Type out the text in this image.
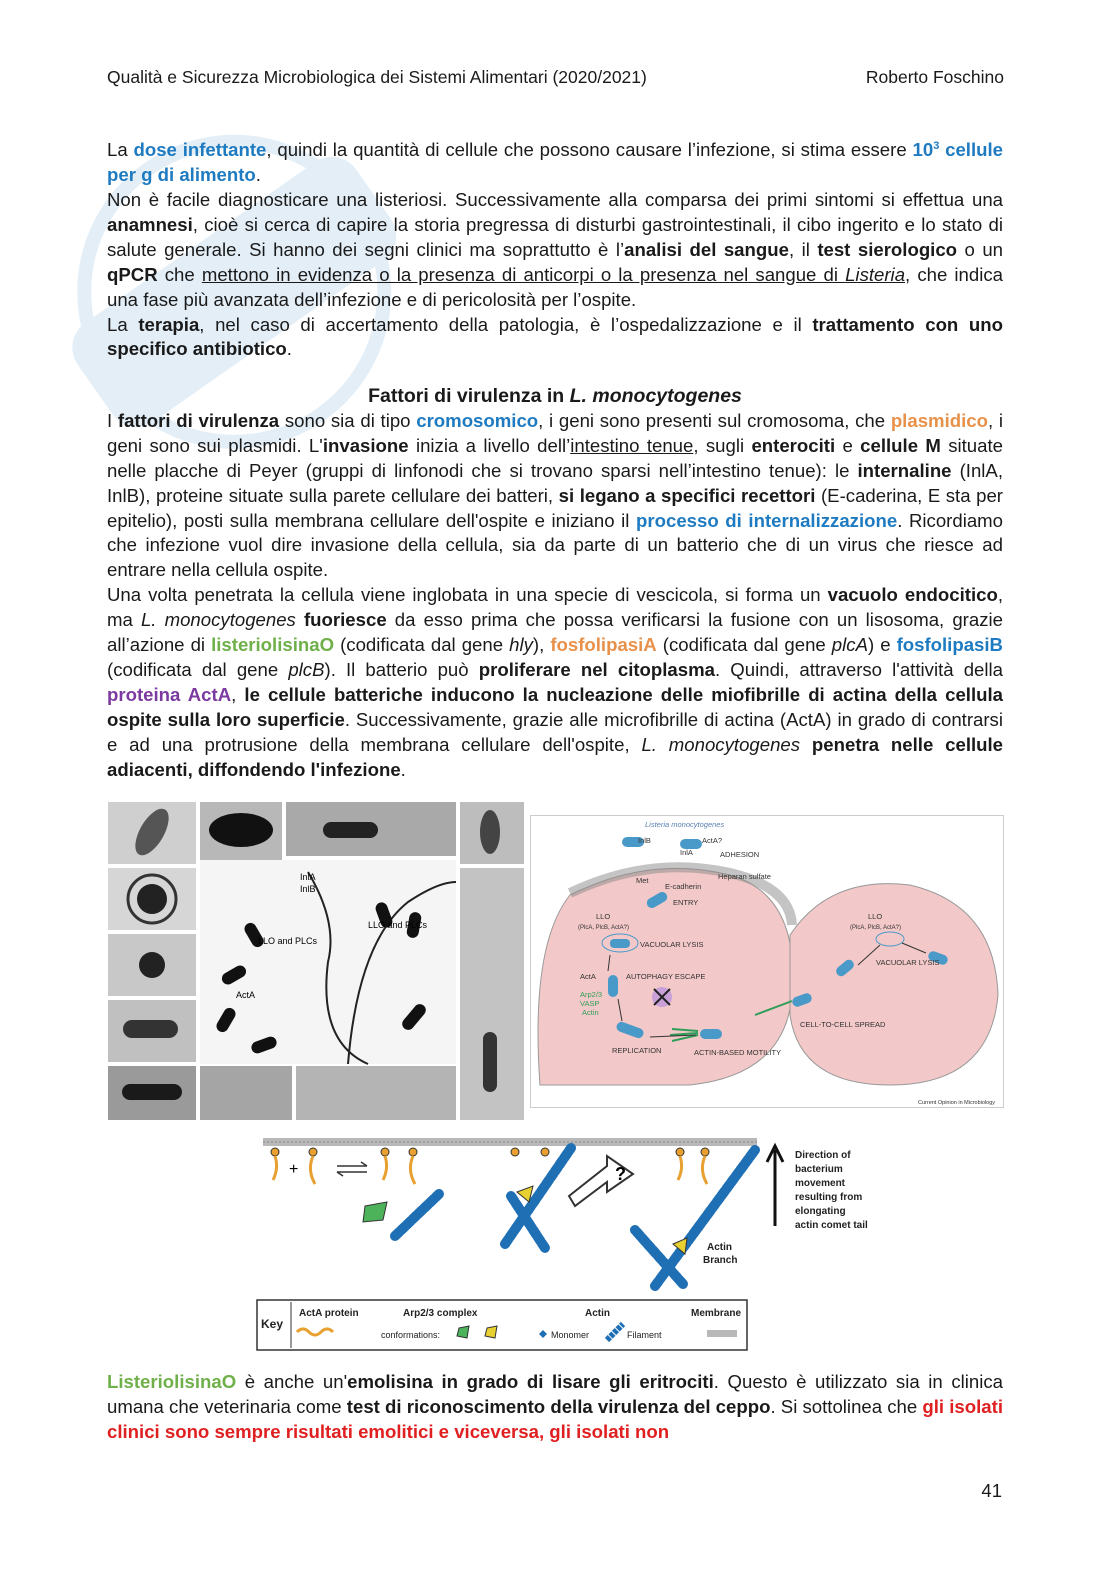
Qualità e Sicurezza Microbiologica dei Sistemi Alimentari (2020/2021)	Roberto Foschino

La dose infettante, quindi la quantità di cellule che possono causare l’infezione, si stima essere $10^3$ cellule per g di alimento.

Non è facile diagnosticare una listeriosi. Successivamente alla comparsa dei primi sintomi si effettua una anamnesi, cioè si cerca di capire la storia pregressa di disturbi gastrointestinali, il cibo ingerito e lo stato di salute generale. Si hanno dei segni clinici ma soprattutto è l’analisi del sangue, il test sierologico o un qPCR che mettono in evidenza o la presenza di anticorpi o la presenza nel sangue di Listeria, che indica una fase più avanzata dell’infezione e di pericolosità per l’ospite.

La terapia, nel caso di accertamento della patologia, è l’ospedalizzazione e il trattamento con uno specifico antibiotico.

Fattori di virulenza in L. monocytogenes

I fattori di virulenza sono sia di tipo cromosomico, i geni sono presenti sul cromosoma, che plasmidico, i geni sono sui plasmidi. L'invasione inizia a livello dell’intestino tenue, sugli enterociti e cellule M situate nelle placche di Peyer (gruppi di linfonodi che si trovano sparsi nell’intestino tenue): le internaline (InlA, InlB), proteine situate sulla parete cellulare dei batteri, si legano a specifici recettori (E-caderina, E sta per epitelio), posti sulla membrana cellulare dell'ospite e iniziano il processo di internalizzazione. Ricordiamo che infezione vuol dire invasione della cellula, sia da parte di un batterio che di un virus che riesce ad entrare nella cellula ospite.

Una volta penetrata la cellula viene inglobata in una specie di vescicola, si forma un vacuolo endocitico, ma L. monocytogenes fuoriesce da esso prima che possa verificarsi la fusione con un lisosoma, grazie all’azione di listeriolisinaO (codificata dal gene hly), fosfolipasiA (codificata dal gene plcA) e fosfolipasiB (codificata dal gene plcB). Il batterio può proliferare nel citoplasma. Quindi, attraverso l'attività della proteina ActA, le cellule batteriche inducono la nucleazione delle miofibrille di actina della cellula ospite sulla loro superficie. Successivamente, grazie alle microfibrille di actina (ActA) in grado di contrarsi e ad una protrusione della membrana cellulare dell'ospite, L. monocytogenes penetra nelle cellule adiacenti, diffondendo l'infezione.

InlA
InlB
LLO and PLCs
LLO and PLCs
ActA
Listeria monocytogenes
InlB
InlA
ActA?
ADHESION
Met
E-cadherin
Heparan sulfate
ENTRY
LLO
(PlcA, PlcB, ActA?)
VACUOLAR LYSIS
ActA	AUTOPHAGY ESCAPE
Arp2/3
VASP
Actin
REPLICATION	ACTIN-BASED MOTILITY
CELL-TO-CELL SPREAD
LLO
(PlcA, PlcB, ActA?)
VACUOLAR LYSIS
Current Opinion in Microbiology
+	?
Direction of
bacterium
movement
resulting from
elongating
actin comet tail
Actin
Branch
Key
ActA protein	Arp2/3 complex
conformations:
Actin
Monomer	Filament
Membrane

ListeriolisinaO è anche un'emolisina in grado di lisare gli eritrociti. Questo è utilizzato sia in clinica umana che veterinaria come test di riconoscimento della virulenza del ceppo. Si sottolinea che gli isolati clinici sono sempre risultati emolitici e viceversa, gli isolati non

41
